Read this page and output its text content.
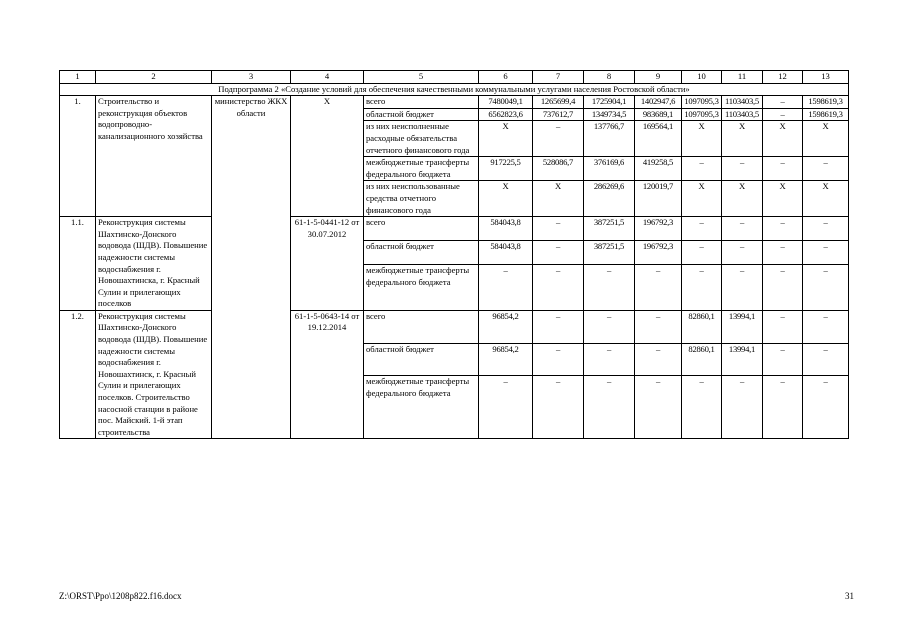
1	2	3	4	5	6	7	8	9	10	11	12	13
Подпрограмма 2 «Создание условий для обеспечения качественными коммунальными услугами населения Ростовской области»												
1.	Строительство и реконструкция объектов водопроводно-канализационного хозяйства	министерство ЖКХ области	Х	всего	7480049,1	1265699,4	1725904,1	1402947,6	1097095,3	1103403,5	–	1598619,3
				областной бюджет	6562823,6	737612,7	1349734,5	983689,1	1097095,3	1103403,5	–	1598619,3
				из них неисполненные расходные обязательства отчетного финансового года	Х	–	137766,7	169564,1	Х	Х	Х	Х
				межбюджетные трансферты федерального бюджета	917225,5	528086,7	376169,6	419258,5	–	–	–	–
				из них неиспользованные средства отчетного финансового года	Х	Х	286269,6	120019,7	Х	Х	Х	Х
1.1.	Реконструкция системы Шахтинско-Донского водовода (ШДВ). Повышение надежности системы водоснабжения г. Новошахтинска, г. Красный Сулин и прилегающих поселков		61-1-5-0441-12 от 30.07.2012	всего	584043,8	–	387251,5	196792,3	–	–	–	–
				областной бюджет	584043,8	–	387251,5	196792,3	–	–	–	–
				межбюджетные трансферты федерального бюджета	–	–	–	–	–	–	–	–
1.2.	Реконструкция системы Шахтинско-Донского водовода (ШДВ). Повышение надежности системы водоснабжения г. Новошахтинск, г. Красный Сулин и прилегающих поселков. Строительство насосной станции в районе пос. Майский. 1-й этап строительства		61-1-5-0643-14 от 19.12.2014	всего	96854,2	–	–	–	82860,1	13994,1	–	–
				областной бюджет	96854,2	–	–	–	82860,1	13994,1	–	–
				межбюджетные трансферты федерального бюджета	–	–	–	–	–	–	–	–
Z:\ORST\Ppo\1208p822.f16.docx	31
